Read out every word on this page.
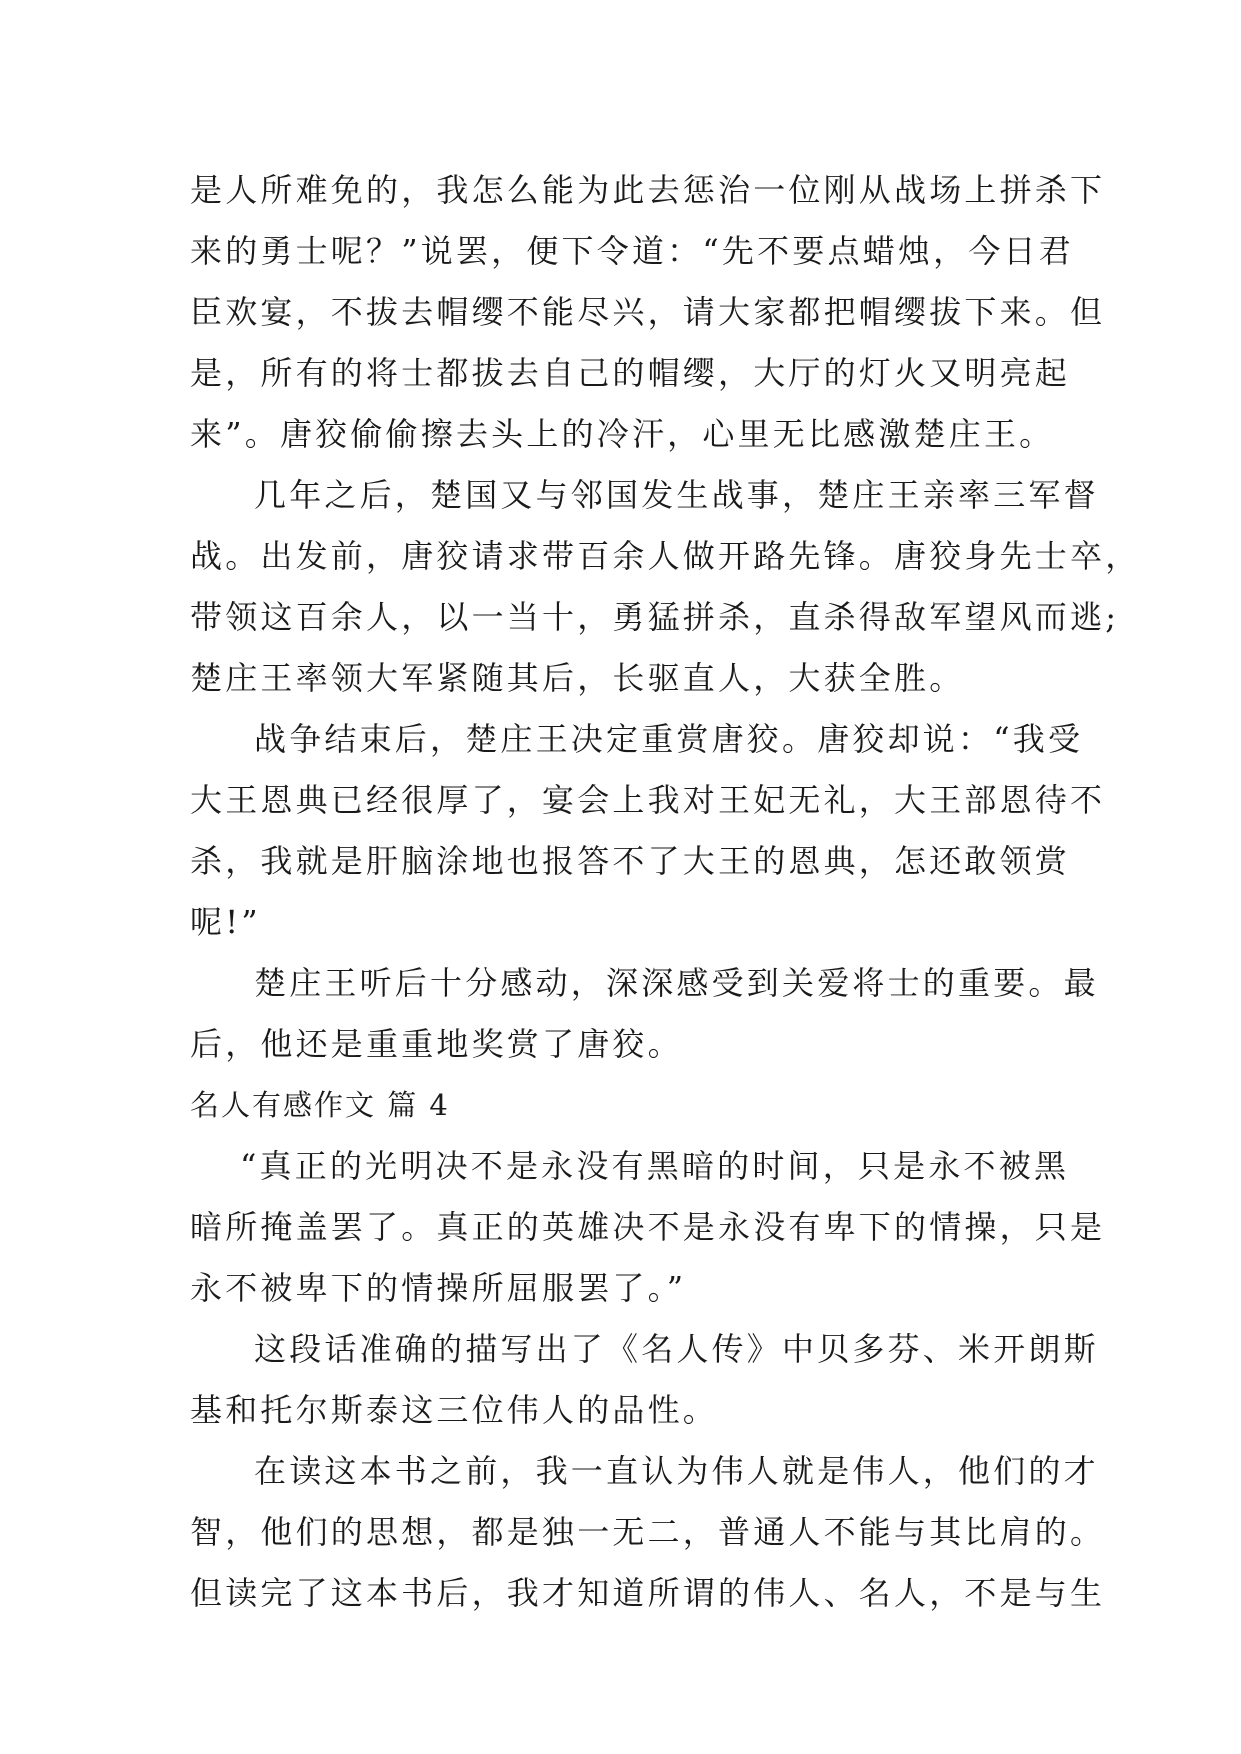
是人所难免的，我怎么能为此去惩治一位刚从战场上拼杀下
来的勇士呢？”说罢，便下令道：“先不要点蜡烛，今日君
臣欢宴，不拔去帽缨不能尽兴，请大家都把帽缨拔下来。但
是，所有的将士都拔去自己的帽缨，大厅的灯火又明亮起
来”。唐狡偷偷擦去头上的冷汗，心里无比感激楚庄王。
几年之后，楚国又与邻国发生战事，楚庄王亲率三军督
战。出发前，唐狡请求带百余人做开路先锋。唐狡身先士卒，
带领这百余人，以一当十，勇猛拼杀，直杀得敌军望风而逃;
楚庄王率领大军紧随其后，长驱直人，大获全胜。
战争结束后，楚庄王决定重赏唐狡。唐狡却说：“我受
大王恩典已经很厚了，宴会上我对王妃无礼，大王部恩待不
杀，我就是肝脑涂地也报答不了大王的恩典，怎还敢领赏
呢!”
楚庄王听后十分感动，深深感受到关爱将士的重要。最
后，他还是重重地奖赏了唐狡。
名人有感作文 篇 4
“真正的光明决不是永没有黑暗的时间，只是永不被黑
暗所掩盖罢了。真正的英雄决不是永没有卑下的情操，只是
永不被卑下的情操所屈服罢了。”
这段话准确的描写出了《名人传》中贝多芬、米开朗斯
基和托尔斯泰这三位伟人的品性。
在读这本书之前，我一直认为伟人就是伟人，他们的才
智，他们的思想，都是独一无二，普通人不能与其比肩的。
但读完了这本书后，我才知道所谓的伟人、名人，不是与生
